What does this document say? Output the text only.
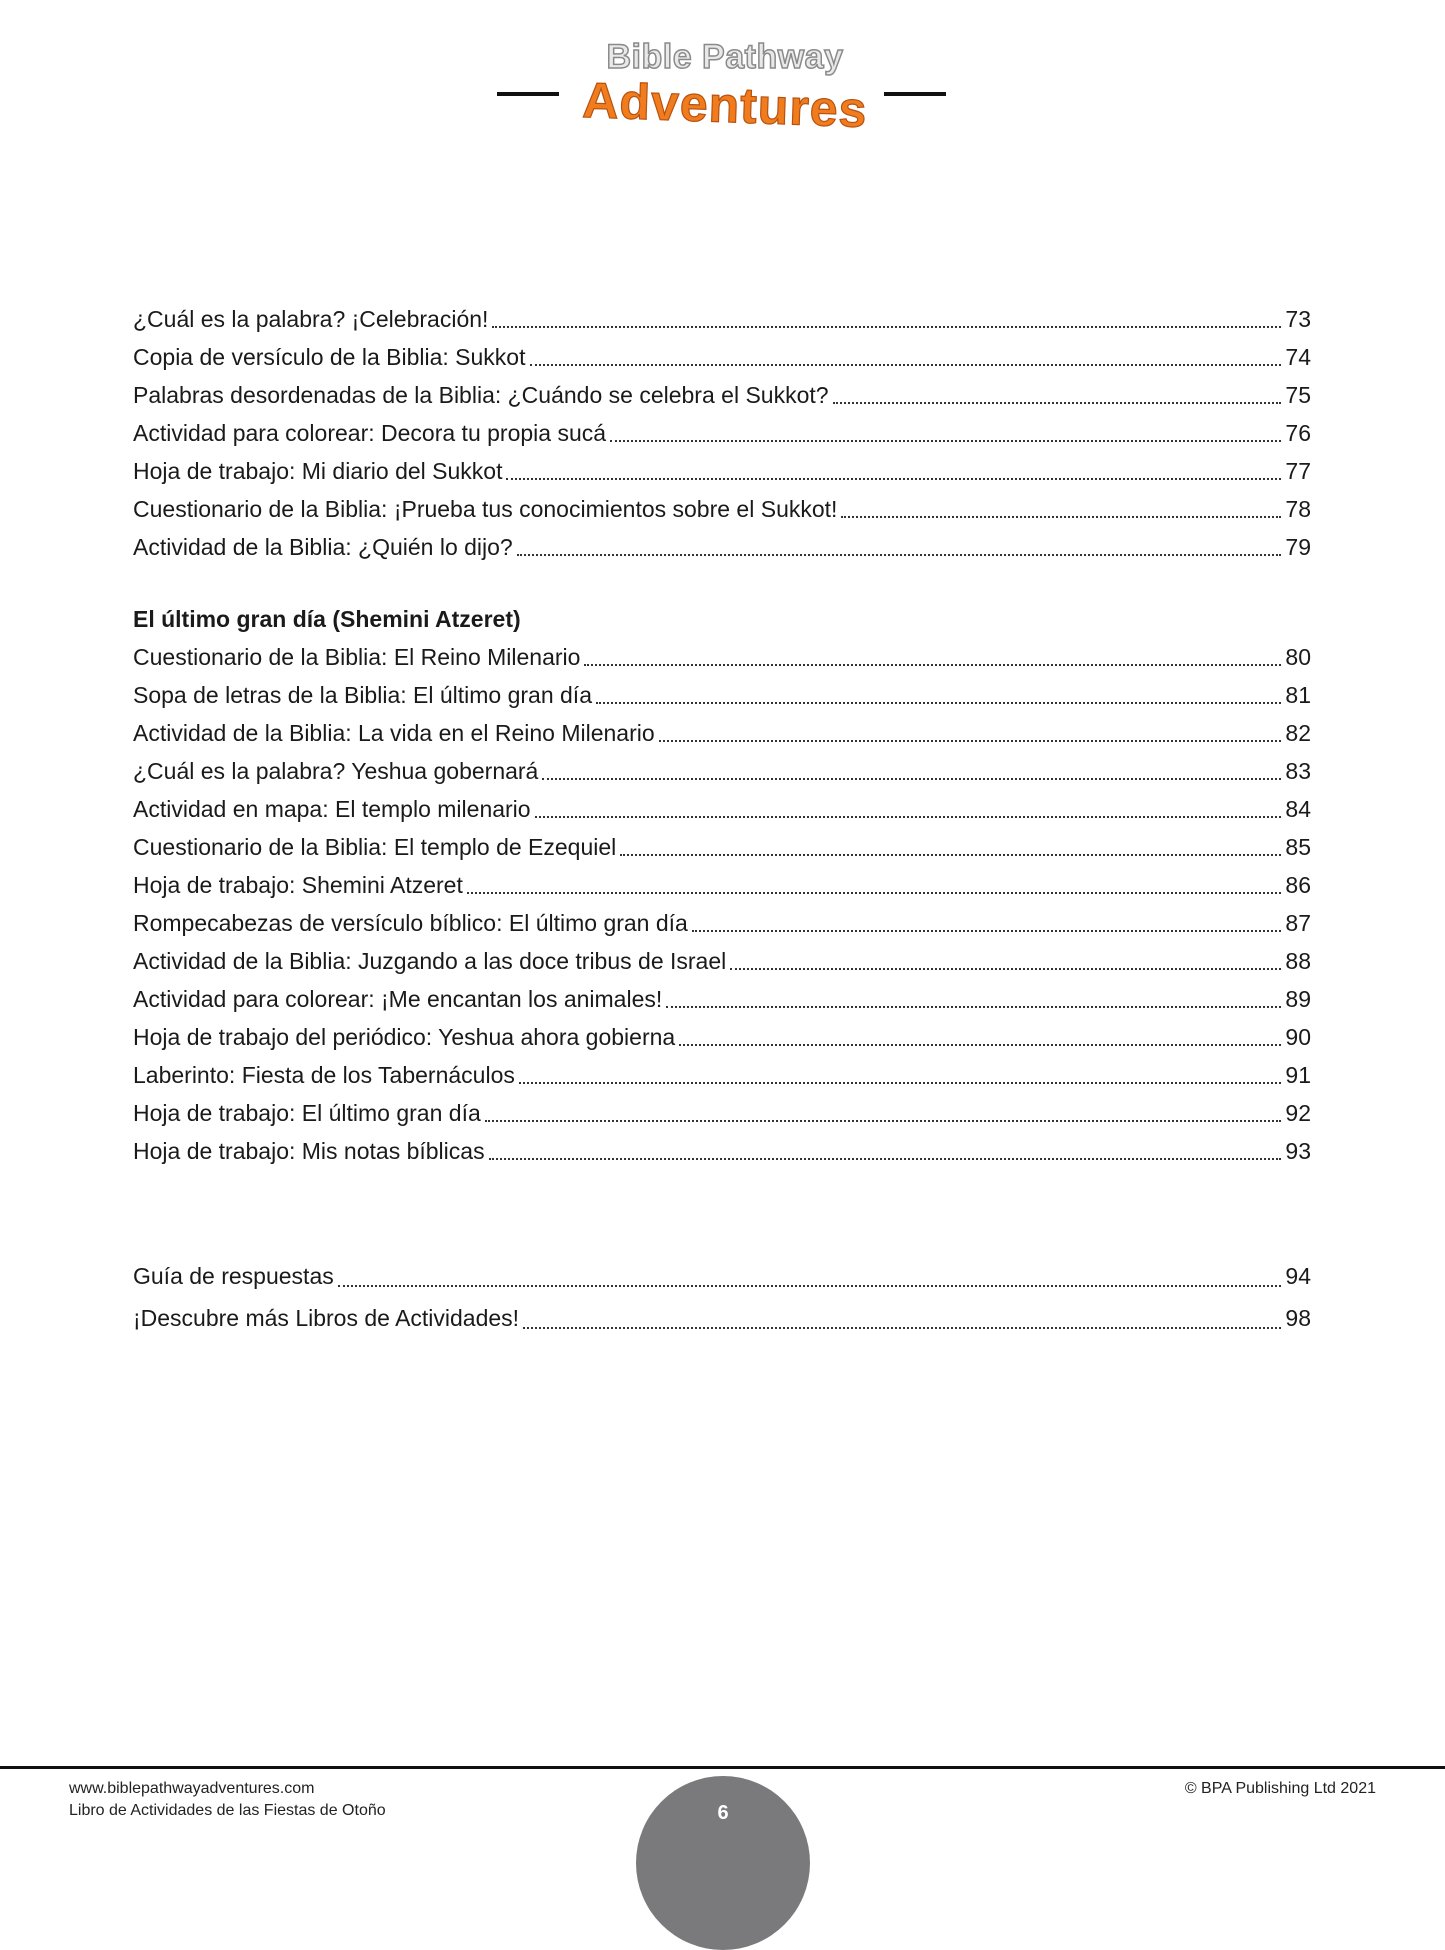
Bible Pathway
Adventures
¿Cuál es la palabra? ¡Celebración!	73
Copia de versículo de la Biblia: Sukkot	74
Palabras desordenadas de la Biblia: ¿Cuándo se celebra el Sukkot?	75
Actividad para colorear: Decora tu propia sucá	76
Hoja de trabajo: Mi diario del Sukkot	77
Cuestionario de la Biblia: ¡Prueba tus conocimientos sobre el Sukkot!	78
Actividad de la Biblia: ¿Quién lo dijo?	79
El último gran día (Shemini Atzeret)
Cuestionario de la Biblia: El Reino Milenario	80
Sopa de letras de la Biblia: El último gran día	81
Actividad de la Biblia: La vida en el Reino Milenario	82
¿Cuál es la palabra? Yeshua gobernará	83
Actividad en mapa: El templo milenario	84
Cuestionario de la Biblia: El templo de Ezequiel	85
Hoja de trabajo: Shemini Atzeret	86
Rompecabezas de versículo bíblico: El último gran día	87
Actividad de la Biblia: Juzgando a las doce tribus de Israel	88
Actividad para colorear: ¡Me encantan los animales!	89
Hoja de trabajo del periódico: Yeshua ahora gobierna	90
Laberinto: Fiesta de los Tabernáculos	91
Hoja de trabajo: El último gran día	92
Hoja de trabajo: Mis notas bíblicas	93
Guía de respuestas	94
¡Descubre más Libros de Actividades!	98
www.biblepathwayadventures.com
Libro de Actividades de las Fiestas de Otoño
© BPA Publishing Ltd 2021
6
